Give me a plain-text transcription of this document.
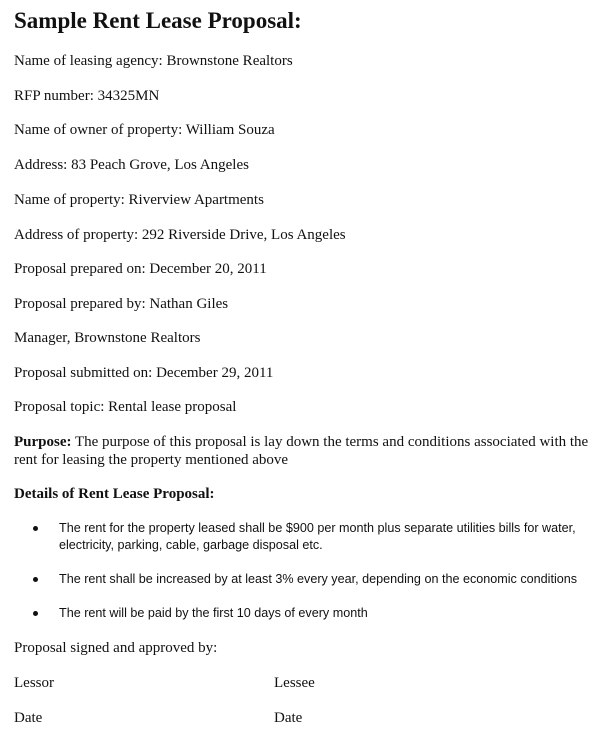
Sample Rent Lease Proposal:
Name of leasing agency: Brownstone Realtors
RFP number: 34325MN
Name of owner of property: William Souza
Address: 83 Peach Grove, Los Angeles
Name of property: Riverview Apartments
Address of property: 292 Riverside Drive, Los Angeles
Proposal prepared on: December 20, 2011
Proposal prepared by: Nathan Giles
Manager, Brownstone Realtors
Proposal submitted on: December 29, 2011
Proposal topic: Rental lease proposal
Purpose: The purpose of this proposal is lay down the terms and conditions associated with the rent for leasing the property mentioned above
Details of Rent Lease Proposal:
The rent for the property leased shall be $900 per month plus separate utilities bills for water, electricity, parking, cable, garbage disposal etc.
The rent shall be increased by at least 3% every year, depending on the economic conditions
The rent will be paid by the first 10 days of every month
Proposal signed and approved by:
Lessor	Lessee
Date	Date
